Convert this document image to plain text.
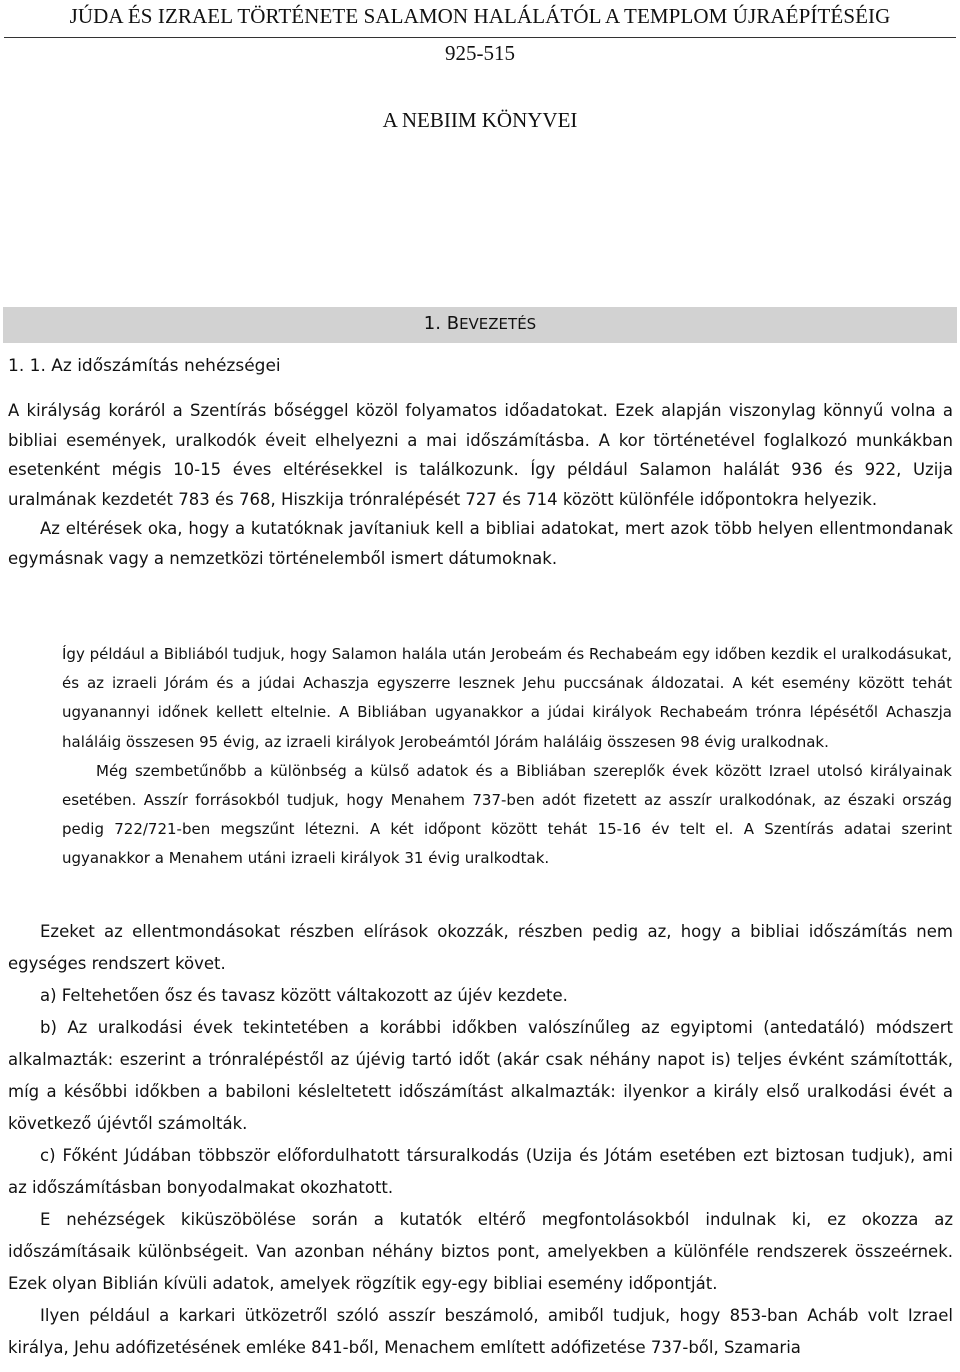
JÚDA ÉS IZRAEL TÖRTÉNETE SALAMON HALÁLÁTÓL A TEMPLOM ÚJRAÉPÍTÉSÉIG
925-515
A NEBIIM KÖNYVEI
1. BEVEZETÉS
1. 1. Az időszámítás nehézségei

A királyság koráról a Szentírás bőséggel közöl folyamatos időadatokat. Ezek alapján viszonylag könnyű volna a bibliai események, uralkodók éveit elhelyezni a mai időszámításba. A kor történetével foglalkozó munkákban esetenként mégis 10-15 éves eltérésekkel is találkozunk. Így például Salamon halálát 936 és 922, Uzija uralmának kezdetét 783 és 768, Hiszkija trónralépését 727 és 714 között különféle időpontokra helyezik.

Az eltérések oka, hogy a kutatóknak javítaniuk kell a bibliai adatokat, mert azok több helyen ellentmondanak egymásnak vagy a nemzetközi történelemből ismert dátumoknak.

Így például a Bibliából tudjuk, hogy Salamon halála után Jerobeám és Rechabeám egy időben kezdik el uralkodásukat, és az izraeli Jórám és a júdai Achaszja egyszerre lesznek Jehu puccsának áldozatai. A két esemény között tehát ugyanannyi időnek kellett eltelnie. A Bibliában ugyanakkor a júdai királyok Rechabeám trónra lépésétől Achaszja haláláig összesen 95 évig, az izraeli királyok Jerobeámtól Jórám haláláig összesen 98 évig uralkodnak.

Még szembetűnőbb a különbség a külső adatok és a Bibliában szereplők évek között Izrael utolsó királyainak esetében. Asszír forrásokból tudjuk, hogy Menahem 737-ben adót fizetett az asszír uralkodónak, az északi ország pedig 722/721-ben megszűnt létezni. A két időpont között tehát 15-16 év telt el. A Szentírás adatai szerint ugyanakkor a Menahem utáni izraeli királyok 31 évig uralkodtak.

Ezeket az ellentmondásokat részben elírások okozzák, részben pedig az, hogy a bibliai időszámítás nem egységes rendszert követ.

a) Feltehetően ősz és tavasz között váltakozott az újév kezdete.

b) Az uralkodási évek tekintetében a korábbi időkben valószínűleg az egyiptomi (antedatáló) módszert alkalmazták: eszerint a trónralépéstől az újévig tartó időt (akár csak néhány napot is) teljes évként számították, míg a későbbi időkben a babiloni késleltetett időszámítást alkalmazták: ilyenkor a király első uralkodási évét a következő újévtől számolták.

c) Főként Júdában többször előfordulhatott társuralkodás (Uzija és Jótám esetében ezt biztosan tudjuk), ami az időszámításban bonyodalmakat okozhatott.

E nehézségek kiküszöbölése során a kutatók eltérő megfontolásokból indulnak ki, ez okozza az időszámításaik különbségeit. Van azonban néhány biztos pont, amelyekben a különféle rendszerek összeérnek. Ezek olyan Biblián kívüli adatok, amelyek rögzítik egy-egy bibliai esemény időpontját.

Ilyen például a karkari ütközetről szóló asszír beszámoló, amiből tudjuk, hogy 853-ban Acháb volt Izrael királya, Jehu adófizetésének emléke 841-ből, Menachem említett adófizetése 737-ből, Szamaria
